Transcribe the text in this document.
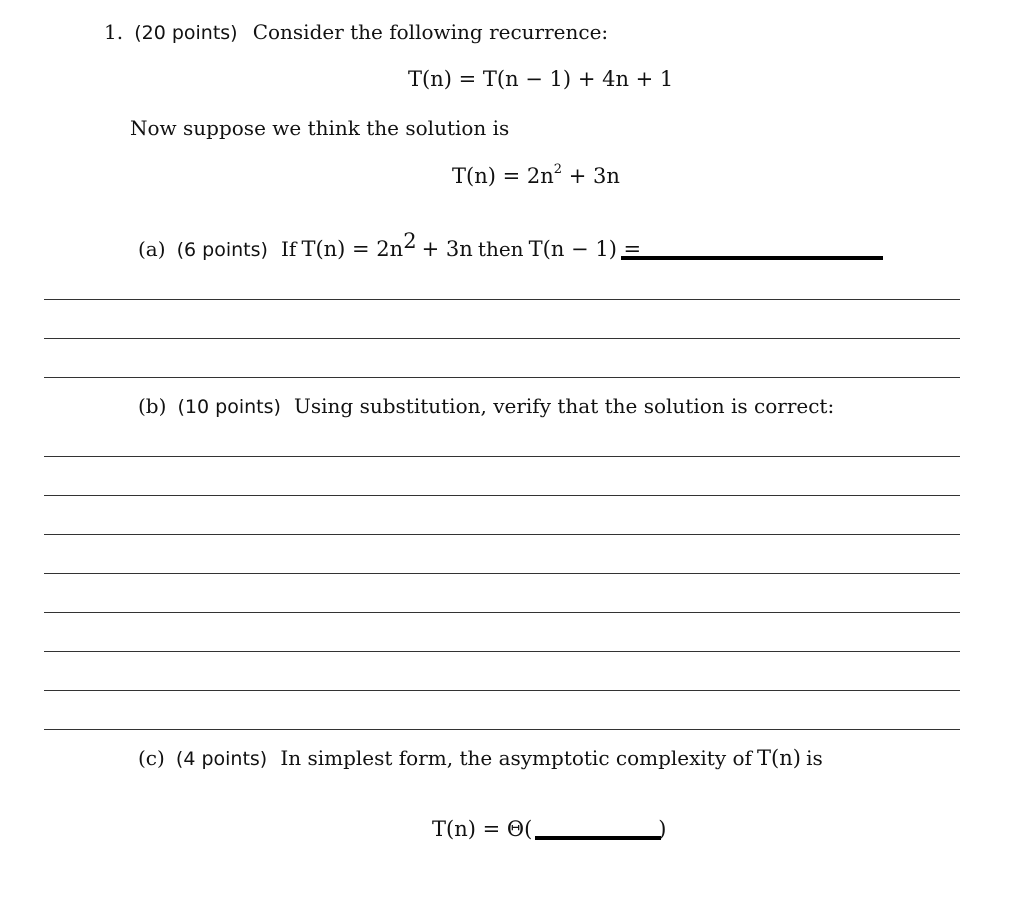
1. (20 points) Consider the following recurrence:
T(n) = T(n − 1) + 4n + 1
Now suppose we think the solution is
$T(n) = 2n^2 + 3n$
(a) (6 points) If $T(n) = 2n^2 + 3n$ then T(n − 1) =
(b) (10 points) Using substitution, verify that the solution is correct:
(c) (4 points) In simplest form, the asymptotic complexity of T(n) is
T(n) = Θ(	)
